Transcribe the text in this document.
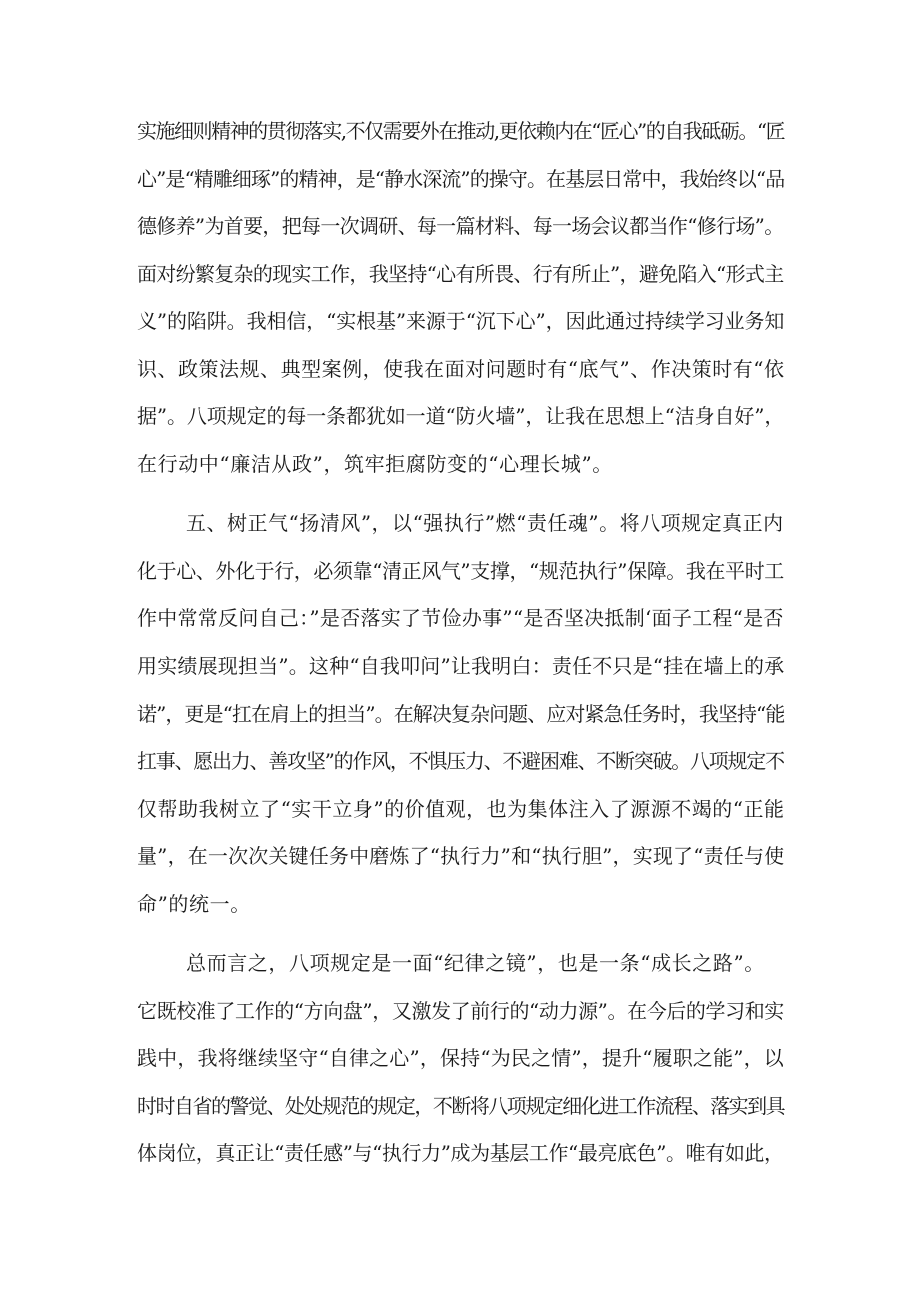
实施细则精神的贯彻落实,不仅需要外在推动,更依赖内在“匠心”的自我砥砺。“匠
心”是“精雕细琢”的精神，是“静水深流”的操守。在基层日常中，我始终以“品
德修养”为首要，把每一次调研、每一篇材料、每一场会议都当作“修行场”。
面对纷繁复杂的现实工作，我坚持“心有所畏、行有所止”，避免陷入“形式主
义”的陷阱。我相信，“实根基”来源于“沉下心”，因此通过持续学习业务知
识、政策法规、典型案例，使我在面对问题时有“底气”、作决策时有“依
据”。八项规定的每一条都犹如一道“防火墙”，让我在思想上“洁身自好”，
在行动中“廉洁从政”，筑牢拒腐防变的“心理长城”。
五、树正气“扬清风”，以“强执行”燃“责任魂”。将八项规定真正内
化于心、外化于行，必须靠“清正风气”支撑，“规范执行”保障。我在平时工
作中常常反问自己：”是否落实了节俭办事”“是否坚决抵制‘面子工程“是否
用实绩展现担当”。这种“自我叩问”让我明白：责任不只是“挂在墙上的承
诺”，更是“扛在肩上的担当”。在解决复杂问题、应对紧急任务时，我坚持“能
扛事、愿出力、善攻坚”的作风，不惧压力、不避困难、不断突破。八项规定不
仅帮助我树立了“实干立身”的价值观，也为集体注入了源源不竭的“正能
量”，在一次次关键任务中磨炼了“执行力”和“执行胆”，实现了“责任与使
命”的统一。
总而言之，八项规定是一面“纪律之镜”，也是一条“成长之路”。
它既校准了工作的“方向盘”，又激发了前行的“动力源”。在今后的学习和实
践中，我将继续坚守“自律之心”，保持“为民之情”，提升“履职之能”，以
时时自省的警觉、处处规范的规定，不断将八项规定细化进工作流程、落实到具
体岗位，真正让“责任感”与“执行力”成为基层工作“最亮底色”。唯有如此，
